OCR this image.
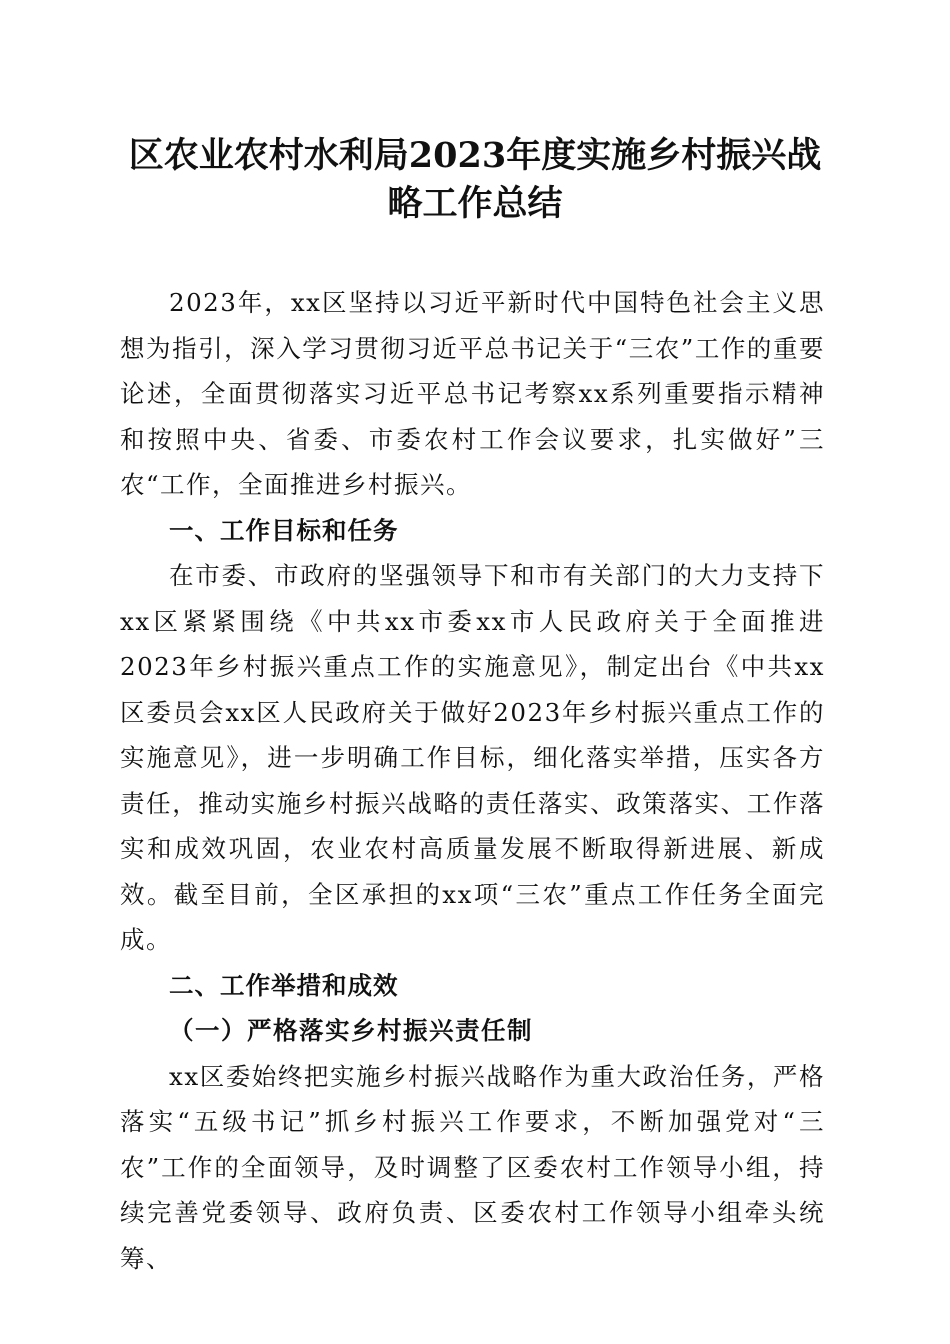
区农业农村水利局2023年度实施乡村振兴战
略工作总结

2023年，xx区坚持以习近平新时代中国特色社会主义思想为指引，深入学习贯彻习近平总书记关于“三农”工作的重要论述，全面贯彻落实习近平总书记考察xx系列重要指示精神和按照中央、省委、市委农村工作会议要求，扎实做好”三农“工作，全面推进乡村振兴。

一、工作目标和任务

在市委、市政府的坚强领导下和市有关部门的大力支持下xx区紧紧围绕《中共xx市委xx市人民政府关于全面推进2023年乡村振兴重点工作的实施意见》，制定出台《中共xx区委员会xx区人民政府关于做好2023年乡村振兴重点工作的实施意见》，进一步明确工作目标，细化落实举措，压实各方责任，推动实施乡村振兴战略的责任落实、政策落实、工作落实和成效巩固，农业农村高质量发展不断取得新进展、新成效。截至目前，全区承担的xx项“三农”重点工作任务全面完成。

二、工作举措和成效

（一）严格落实乡村振兴责任制

xx区委始终把实施乡村振兴战略作为重大政治任务，严格落实“五级书记”抓乡村振兴工作要求，不断加强党对“三农”工作的全面领导，及时调整了区委农村工作领导小组，持续完善党委领导、政府负责、区委农村工作领导小组牵头统筹、
